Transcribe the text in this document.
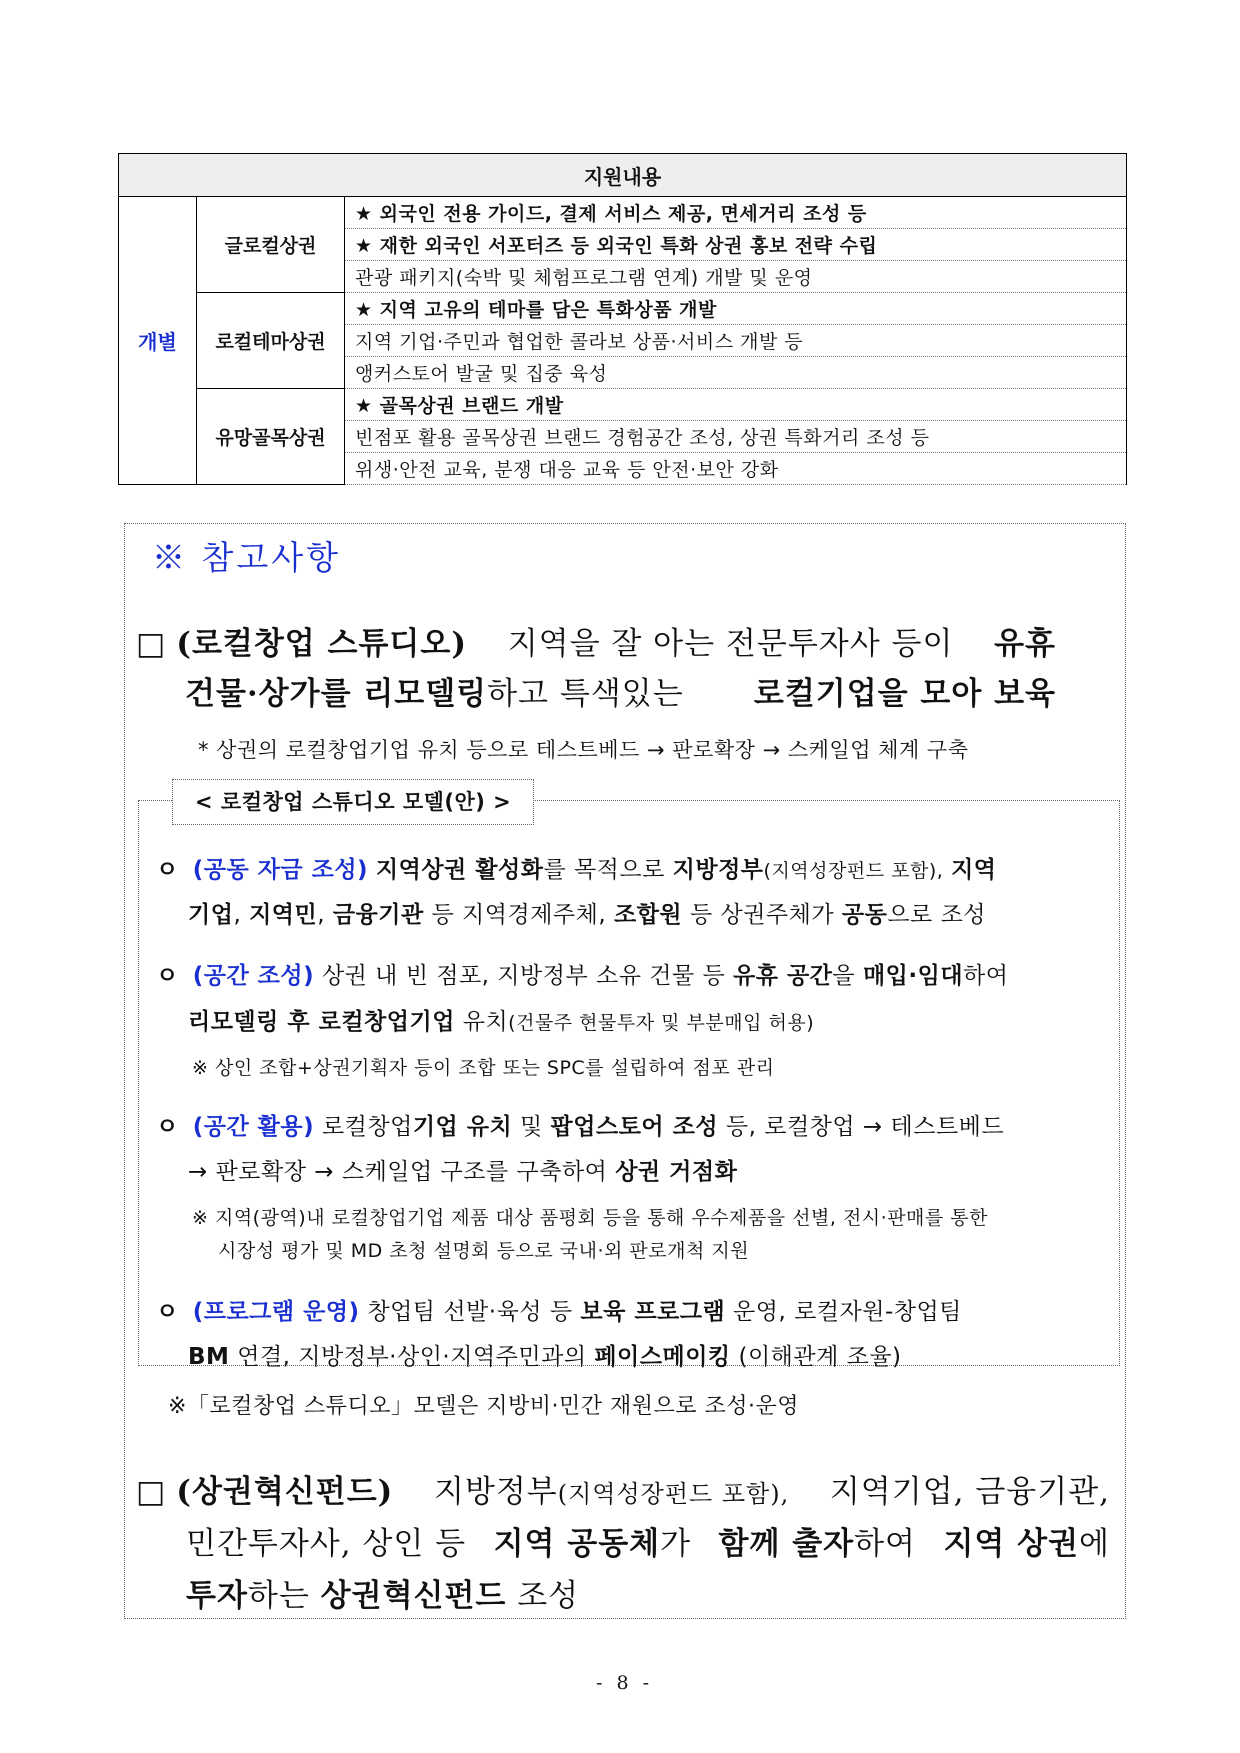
지원내용		
개별	글로컬상권	★ 외국인 전용 가이드, 결제 서비스 제공, 면세거리 조성 등
		★ 재한 외국인 서포터즈 등 외국인 특화 상권 홍보 전략 수립
		관광 패키지(숙박 및 체험프로그램 연계) 개발 및 운영
	로컬테마상권	★ 지역 고유의 테마를 담은 특화상품 개발
		지역 기업·주민과 협업한 콜라보 상품·서비스 개발 등
		앵커스토어 발굴 및 집중 육성
	유망골목상권	★ 골목상권 브랜드 개발
		빈점포 활용 골목상권 브랜드 경험공간 조성, 상권 특화거리 조성 등
		위생·안전 교육, 분쟁 대응 교육 등 안전·보안 강화
※ 참고사항
□ (로컬창업 스튜디오) 지역을 잘 아는 전문투자사 등이 유휴
건물·상가를 리모델링하고 특색있는 로컬기업을 모아 보육
* 상권의 로컬창업기업 유치 등으로 테스트베드 → 판로확장 → 스케일업 체계 구축
< 로컬창업 스튜디오 모델(안) >
ㅇ (공동 자금 조성) 지역상권 활성화를 목적으로 지방정부(지역성장펀드 포함), 지역
기업, 지역민, 금융기관 등 지역경제주체, 조합원 등 상권주체가 공동으로 조성
ㅇ (공간 조성) 상권 내 빈 점포, 지방정부 소유 건물 등 유휴 공간을 매입·임대하여
리모델링 후 로컬창업기업 유치(건물주 현물투자 및 부분매입 허용)
※ 상인 조합+상권기획자 등이 조합 또는 SPC를 설립하여 점포 관리
ㅇ (공간 활용) 로컬창업기업 유치 및 팝업스토어 조성 등, 로컬창업 → 테스트베드
→ 판로확장 → 스케일업 구조를 구축하여 상권 거점화
※ 지역(광역)내 로컬창업기업 제품 대상 품평회 등을 통해 우수제품을 선별, 전시·판매를 통한
시장성 평가 및 MD 초청 설명회 등으로 국내·외 판로개척 지원
ㅇ (프로그램 운영) 창업팀 선발·육성 등 보육 프로그램 운영, 로컬자원-창업팀
BM 연결, 지방정부·상인·지역주민과의 페이스메이킹 (이해관계 조율)
※「로컬창업 스튜디오」모델은 지방비·민간 재원으로 조성·운영
□ (상권혁신펀드) 지방정부(지역성장펀드 포함), 지역기업, 금융기관,
민간투자사, 상인 등 지역 공동체가 함께 출자하여 지역 상권에
투자하는 상권혁신펀드 조성
- 8 -
